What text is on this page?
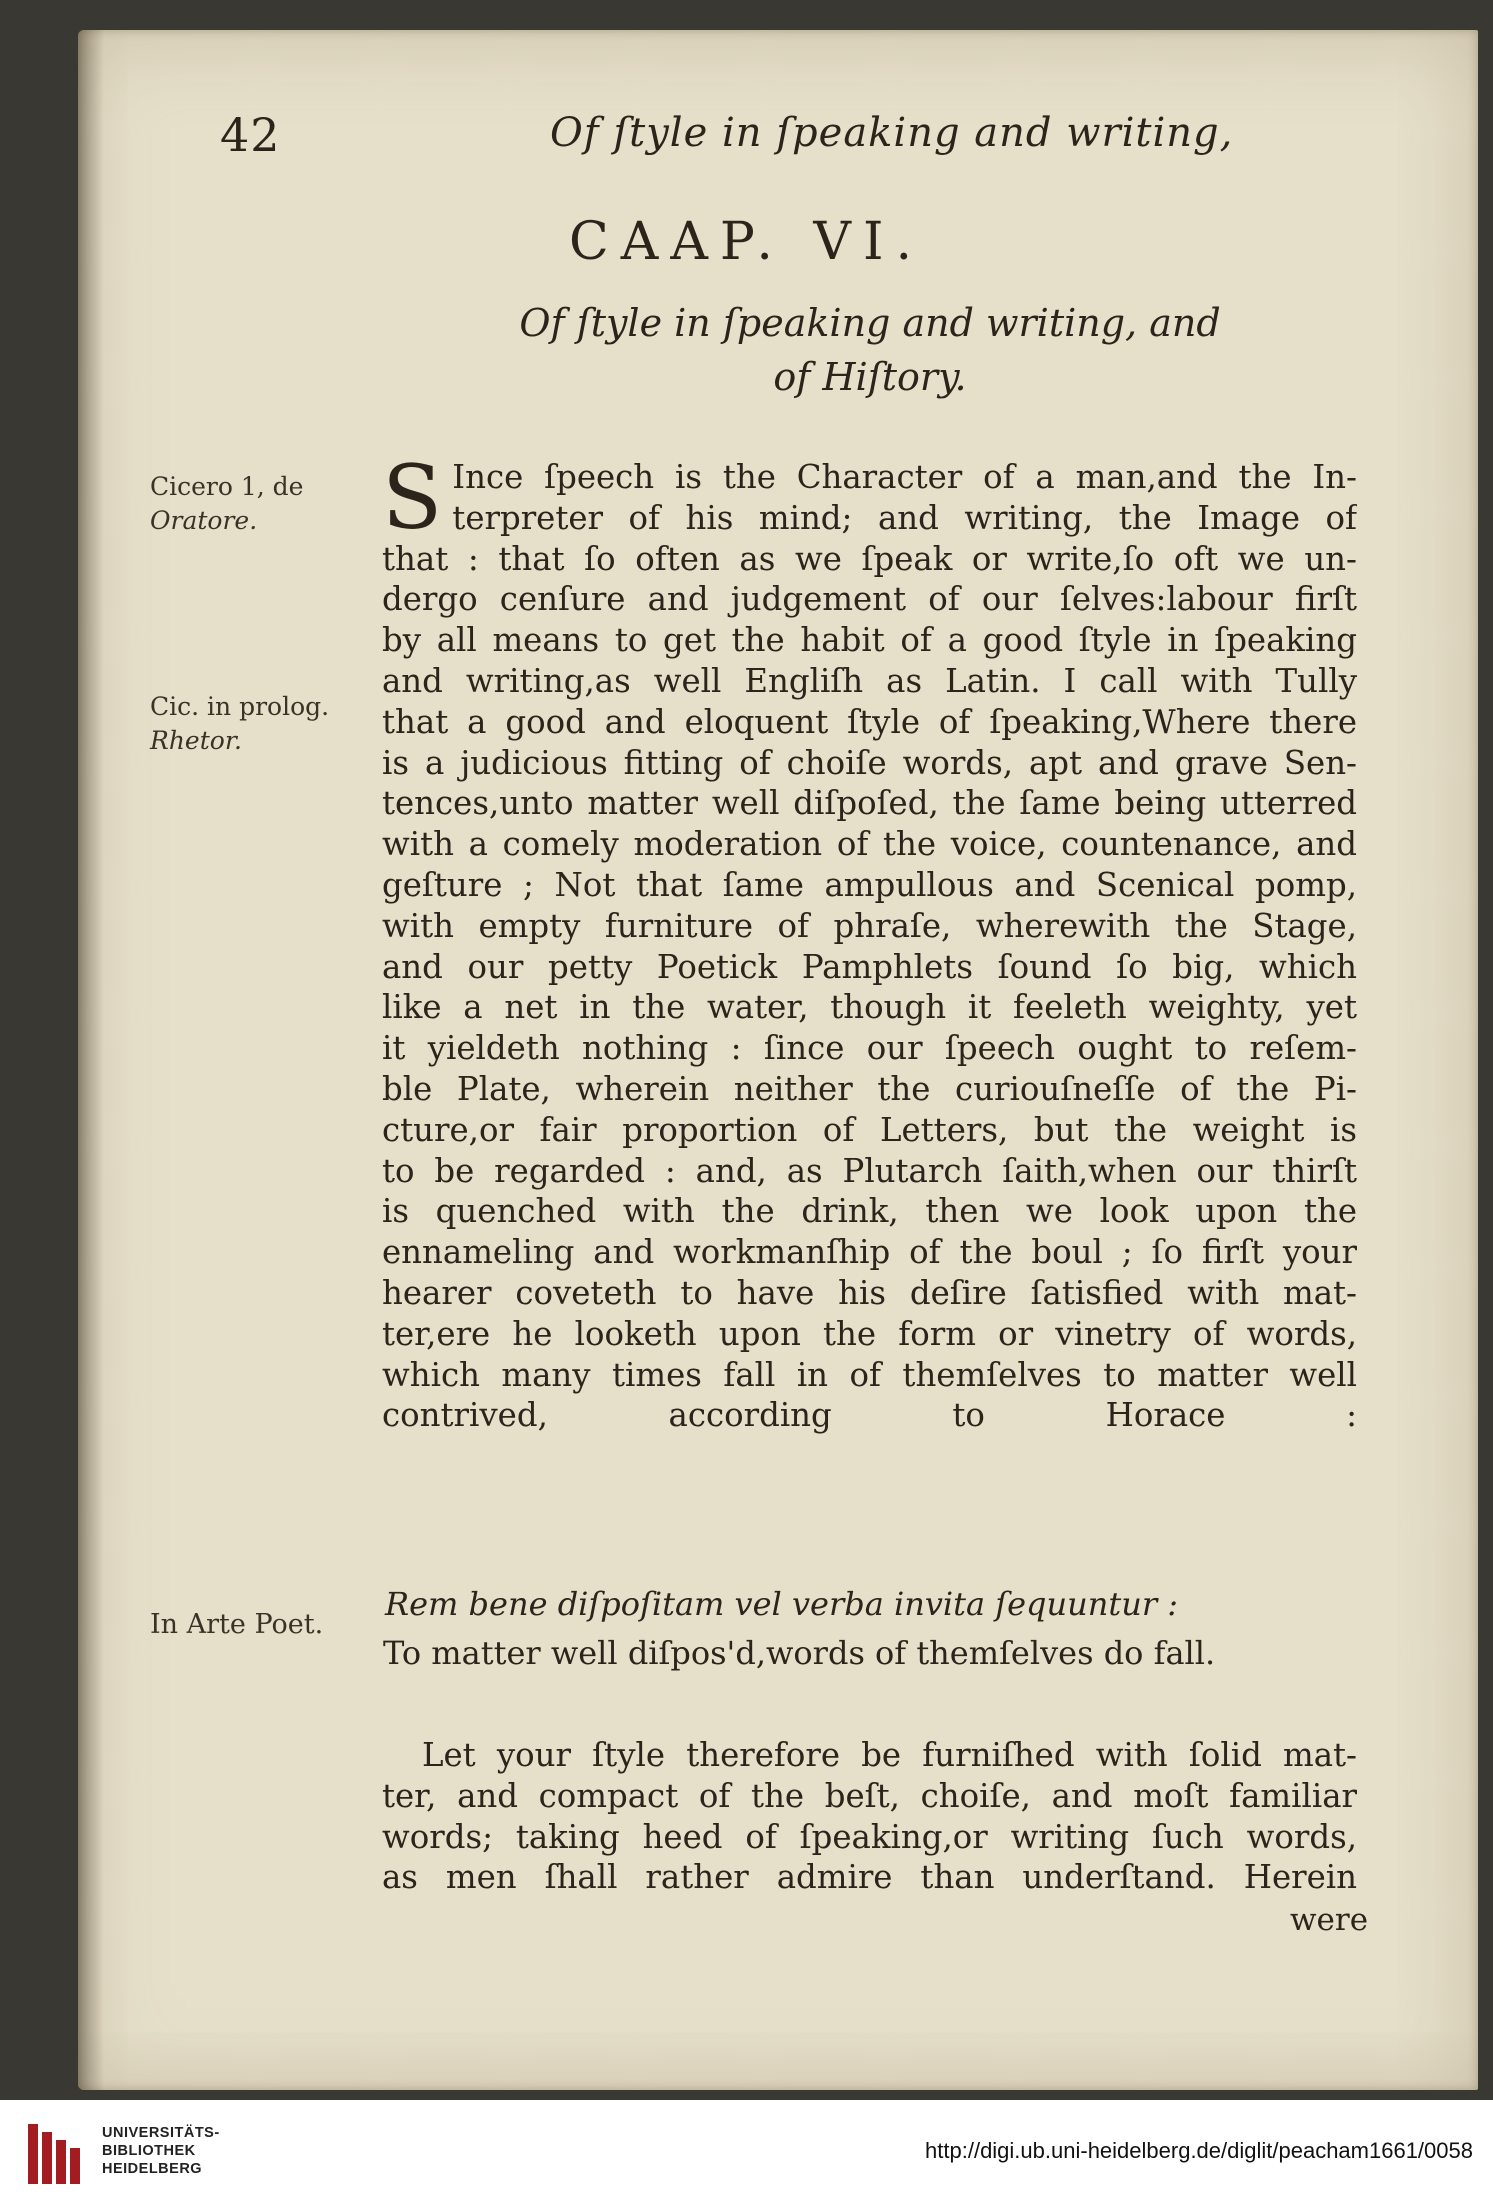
42	Of ſtyle in ſpeaking and writing,
CAAP. VI.
Of ſtyle in ſpeaking and writing, and
of Hiſtory.
Cicero 1, de
Oratore.
Cic. in prolog.
Rhetor.
In Arte Poet.
S Ince ſpeech is the Character of a man,and the In-
terpreter of his mind; and writing, the Image of
that : that ſo often as we ſpeak or write,ſo oft we un-
dergo cenſure and judgement of our ſelves:labour firſt
by all means to get the habit of a good ſtyle in ſpeaking
and writing,as well Engliſh as Latin. I call with Tully
that a good and eloquent ſtyle of ſpeaking,Where there
is a judicious fitting of choiſe words, apt and grave Sen-
tences,unto matter well diſpoſed, the ſame being utterred
with a comely moderation of the voice, countenance, and
geſture ; Not that ſame ampullous and Scenical pomp,
with empty furniture of phraſe, wherewith the Stage,
and our petty Poetick Pamphlets ſound ſo big, which
like a net in the water, though it feeleth weighty, yet
it yieldeth nothing : ſince our ſpeech ought to reſem-
ble Plate, wherein neither the curiouſneſſe of the Pi-
cture,or fair proportion of Letters, but the weight is
to be regarded : and, as Plutarch ſaith,when our thirſt
is quenched with the drink, then we look upon the
ennameling and workmanſhip of the boul ; ſo firſt your
hearer coveteth to have his deſire ſatisfied with mat-
ter,ere he looketh upon the form or vinetry of words,
which many times fall in of themſelves to matter well
contrived, according to Horace :
Rem bene diſpoſitam vel verba invita ſequuntur :
To matter well diſpos'd,words of themſelves do fall.
Let your ſtyle therefore be furniſhed with ſolid mat-
ter, and compact of the beſt, choiſe, and moſt familiar
words; taking heed of ſpeaking,or writing ſuch words,
as men ſhall rather admire than underſtand. Herein
were
UNIVERSITÄTS-
BIBLIOTHEK
HEIDELBERG
http://digi.ub.uni-heidelberg.de/diglit/peacham1661/0058
